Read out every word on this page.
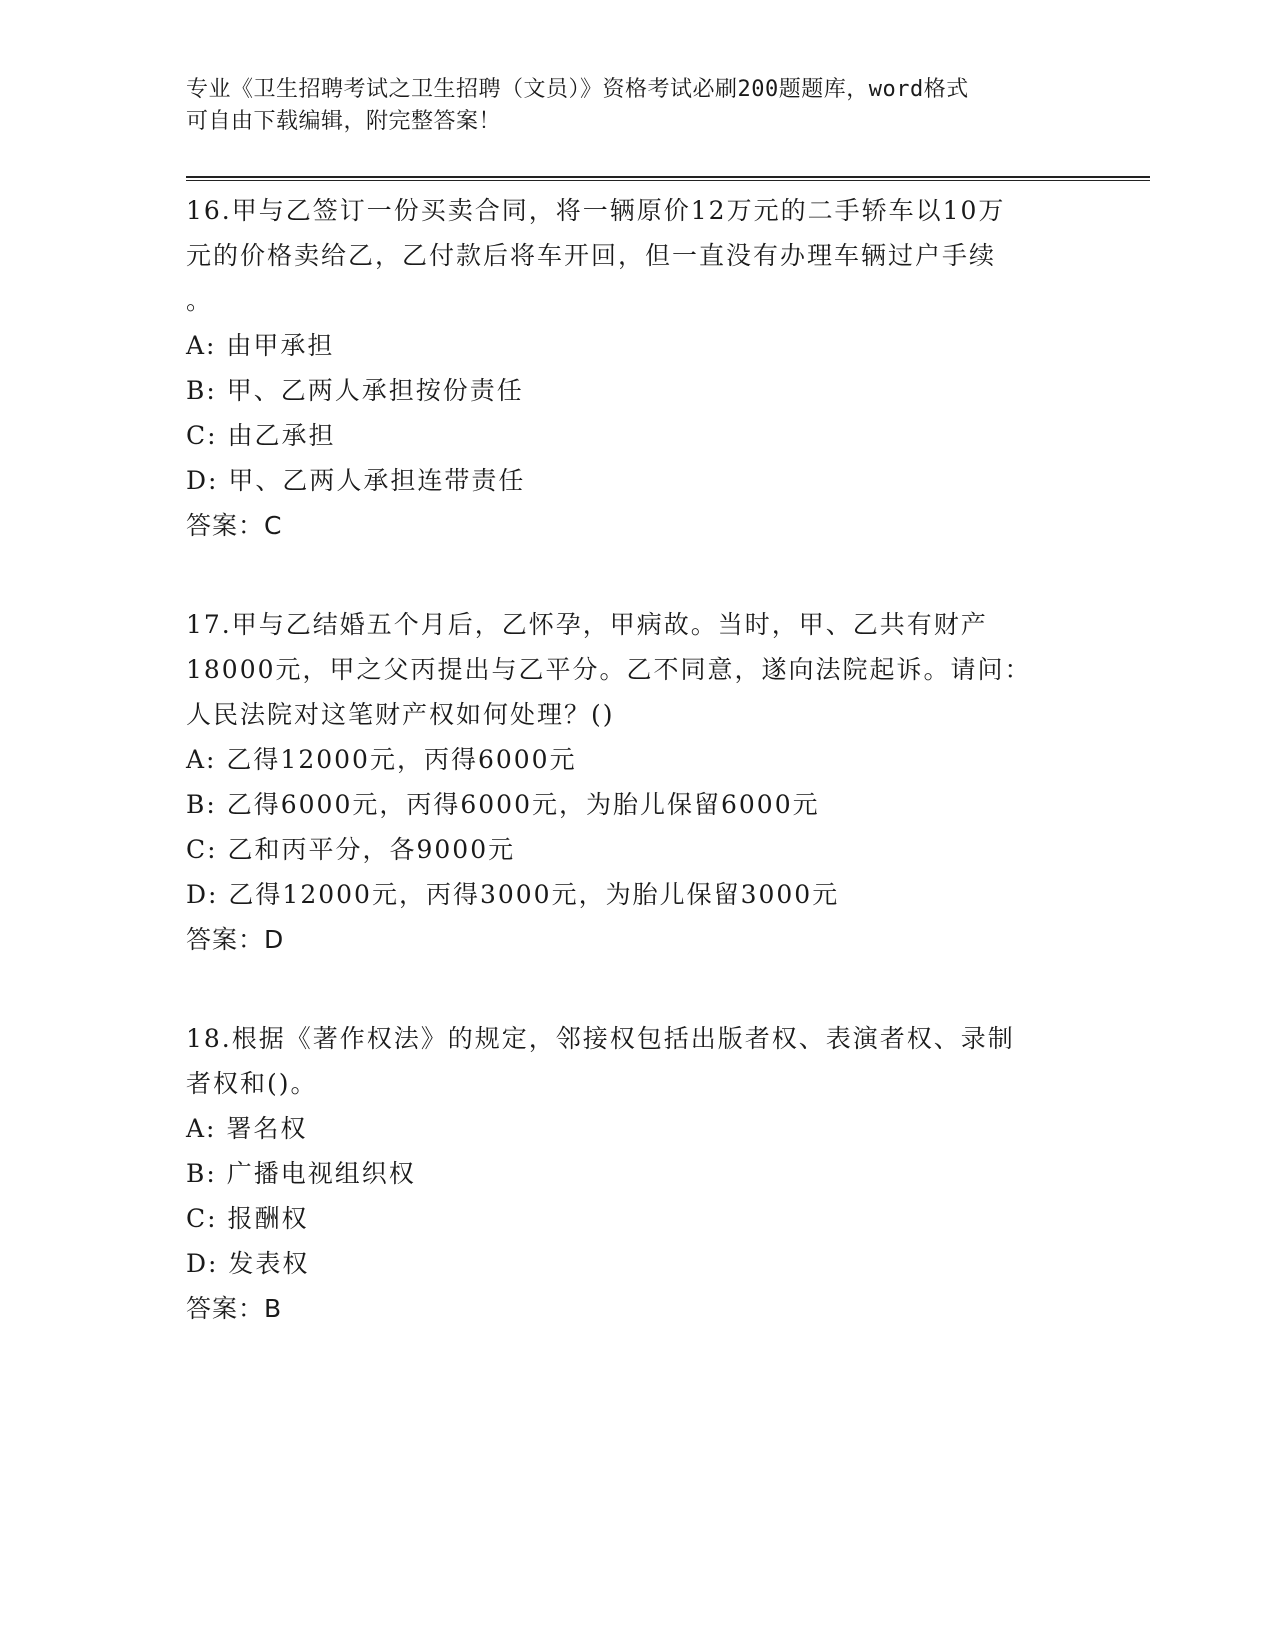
专业《卫生招聘考试之卫生招聘（文员）》资格考试必刷200题题库，word格式
可自由下载编辑，附完整答案！
16.甲与乙签订一份买卖合同，将一辆原价12万元的二手轿车以10万
元的价格卖给乙，乙付款后将车开回，但一直没有办理车辆过户手续
。
A: 由甲承担
B: 甲、乙两人承担按份责任
C: 由乙承担
D: 甲、乙两人承担连带责任
答案：C
17.甲与乙结婚五个月后，乙怀孕，甲病故。当时，甲、乙共有财产
18000元，甲之父丙提出与乙平分。乙不同意，遂向法院起诉。请问：
人民法院对这笔财产权如何处理？()
A: 乙得12000元，丙得6000元
B: 乙得6000元，丙得6000元，为胎儿保留6000元
C: 乙和丙平分，各9000元
D: 乙得12000元，丙得3000元，为胎儿保留3000元
答案：D
18.根据《著作权法》的规定，邻接权包括出版者权、表演者权、录制
者权和()。
A: 署名权
B: 广播电视组织权
C: 报酬权
D: 发表权
答案：B
